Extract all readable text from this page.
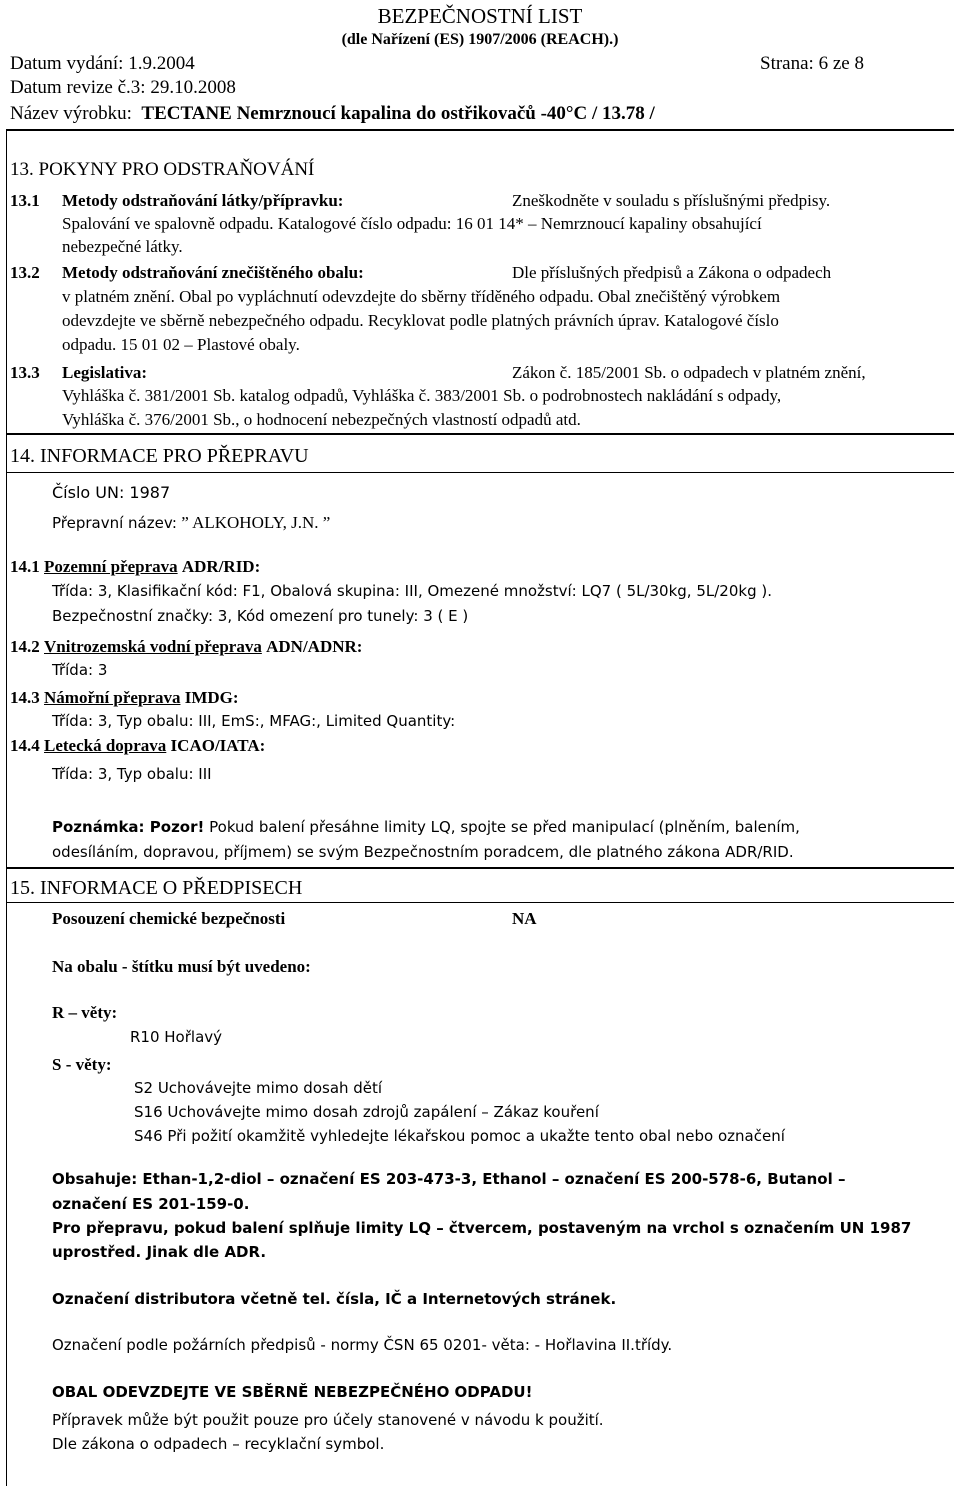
BEZPEČNOSTNÍ LIST
(dle Nařízení (ES) 1907/2006 (REACH).)
Datum vydání: 1.9.2004	Strana: 6 ze 8
Datum revize č.3: 29.10.2008
Název výrobku: TECTANE Nemrznoucí kapalina do ostřikovačů -40°C / 13.78 /
13. POKYNY PRO ODSTRAŇOVÁNÍ
13.1 Metody odstraňování látky/přípravku:	Zneškodněte v souladu s příslušnými předpisy.
Spalování ve spalovně odpadu. Katalogové číslo odpadu: 16 01 14* – Nemrznoucí kapaliny obsahující
nebezpečné látky.
13.2 Metody odstraňování znečištěného obalu:	Dle příslušných předpisů a Zákona o odpadech
v platném znění. Obal po vypláchnutí odevzdejte do sběrny tříděného odpadu. Obal znečištěný výrobkem
odevzdejte ve sběrně nebezpečného odpadu. Recyklovat podle platných právních úprav. Katalogové číslo
odpadu. 15 01 02 – Plastové obaly.
13.3 Legislativa:	Zákon č. 185/2001 Sb. o odpadech v platném znění,
Vyhláška č. 381/2001 Sb. katalog odpadů, Vyhláška č. 383/2001 Sb. o podrobnostech nakládání s odpady,
Vyhláška č. 376/2001 Sb., o hodnocení nebezpečných vlastností odpadů atd.
14. INFORMACE PRO PŘEPRAVU
Číslo UN: 1987
Přepravní název: ” ALKOHOLY, J.N. ”
14.1 Pozemní přeprava ADR/RID:
Třída: 3, Klasifikační kód: F1, Obalová skupina: III, Omezené množství: LQ7 ( 5L/30kg, 5L/20kg ).
Bezpečnostní značky: 3, Kód omezení pro tunely: 3 ( E )
14.2 Vnitrozemská vodní přeprava ADN/ADNR:
Třída: 3
14.3 Námořní přeprava IMDG:
Třída: 3, Typ obalu: III, EmS:, MFAG:, Limited Quantity:
14.4 Letecká doprava ICAO/IATA:
Třída: 3, Typ obalu: III
Poznámka: Pozor! Pokud balení přesáhne limity LQ, spojte se před manipulací (plněním, balením,
odesíláním, dopravou, příjmem) se svým Bezpečnostním poradcem, dle platného zákona ADR/RID.
15. INFORMACE O PŘEDPISECH
Posouzení chemické bezpečnosti	NA
Na obalu - štítku musí být uvedeno:
R – věty:
R10 Hořlavý
S - věty:
S2 Uchovávejte mimo dosah dětí
S16 Uchovávejte mimo dosah zdrojů zapálení – Zákaz kouření
S46 Při požití okamžitě vyhledejte lékařskou pomoc a ukažte tento obal nebo označení
Obsahuje: Ethan-1,2-diol – označení ES 203-473-3, Ethanol – označení ES 200-578-6, Butanol –
označení ES 201-159-0.
Pro přepravu, pokud balení splňuje limity LQ – čtvercem, postaveným na vrchol s označením UN 1987
uprostřed. Jinak dle ADR.
Označení distributora včetně tel. čísla, IČ a Internetových stránek.
Označení podle požárních předpisů - normy ČSN 65 0201- věta: - Hořlavina II.třídy.
OBAL ODEVZDEJTE VE SBĚRNĚ NEBEZPEČNÉHO ODPADU!
Přípravek může být použit pouze pro účely stanovené v návodu k použití.
Dle zákona o odpadech – recyklační symbol.
